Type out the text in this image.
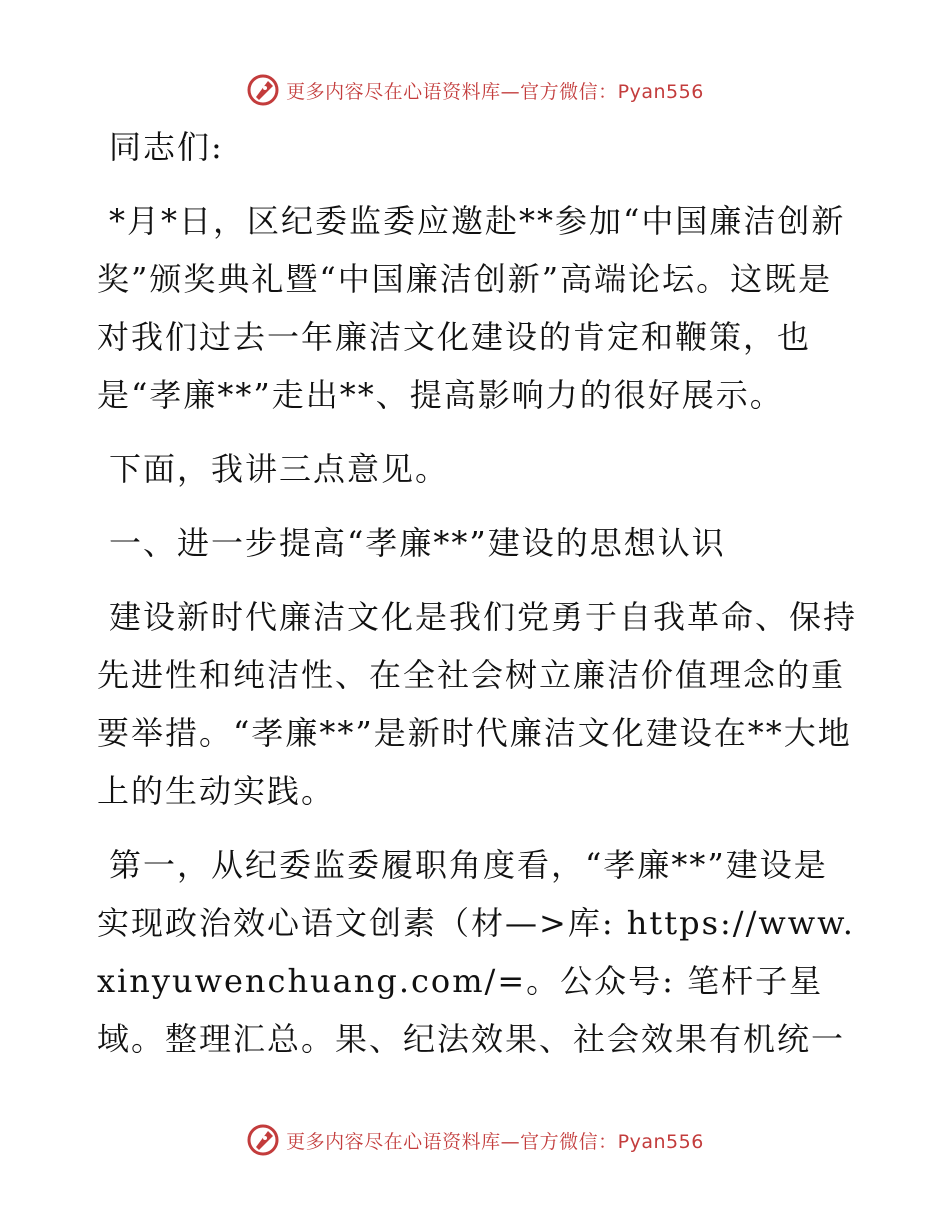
更多内容尽在心语资料库—官方微信：Pyan556

同志们:

*月*日，区纪委监委应邀赴**参加“中国廉洁创新奖”颁奖典礼暨“中国廉洁创新”高端论坛。这既是对我们过去一年廉洁文化建设的肯定和鞭策，也是“孝廉**”走出**、提高影响力的很好展示。

下面，我讲三点意见。

一、进一步提高“孝廉**”建设的思想认识

建设新时代廉洁文化是我们党勇于自我革命、保持先进性和纯洁性、在全社会树立廉洁价值理念的重要举措。“孝廉**”是新时代廉洁文化建设在**大地上的生动实践。

第一，从纪委监委履职角度看，“孝廉**”建设是实现政治效心语文创素（材—>库: https://www.xinyuwenchuang.com/=。公众号: 笔杆子星域。整理汇总。果、纪法效果、社会效果有机统一

更多内容尽在心语资料库—官方微信：Pyan556
